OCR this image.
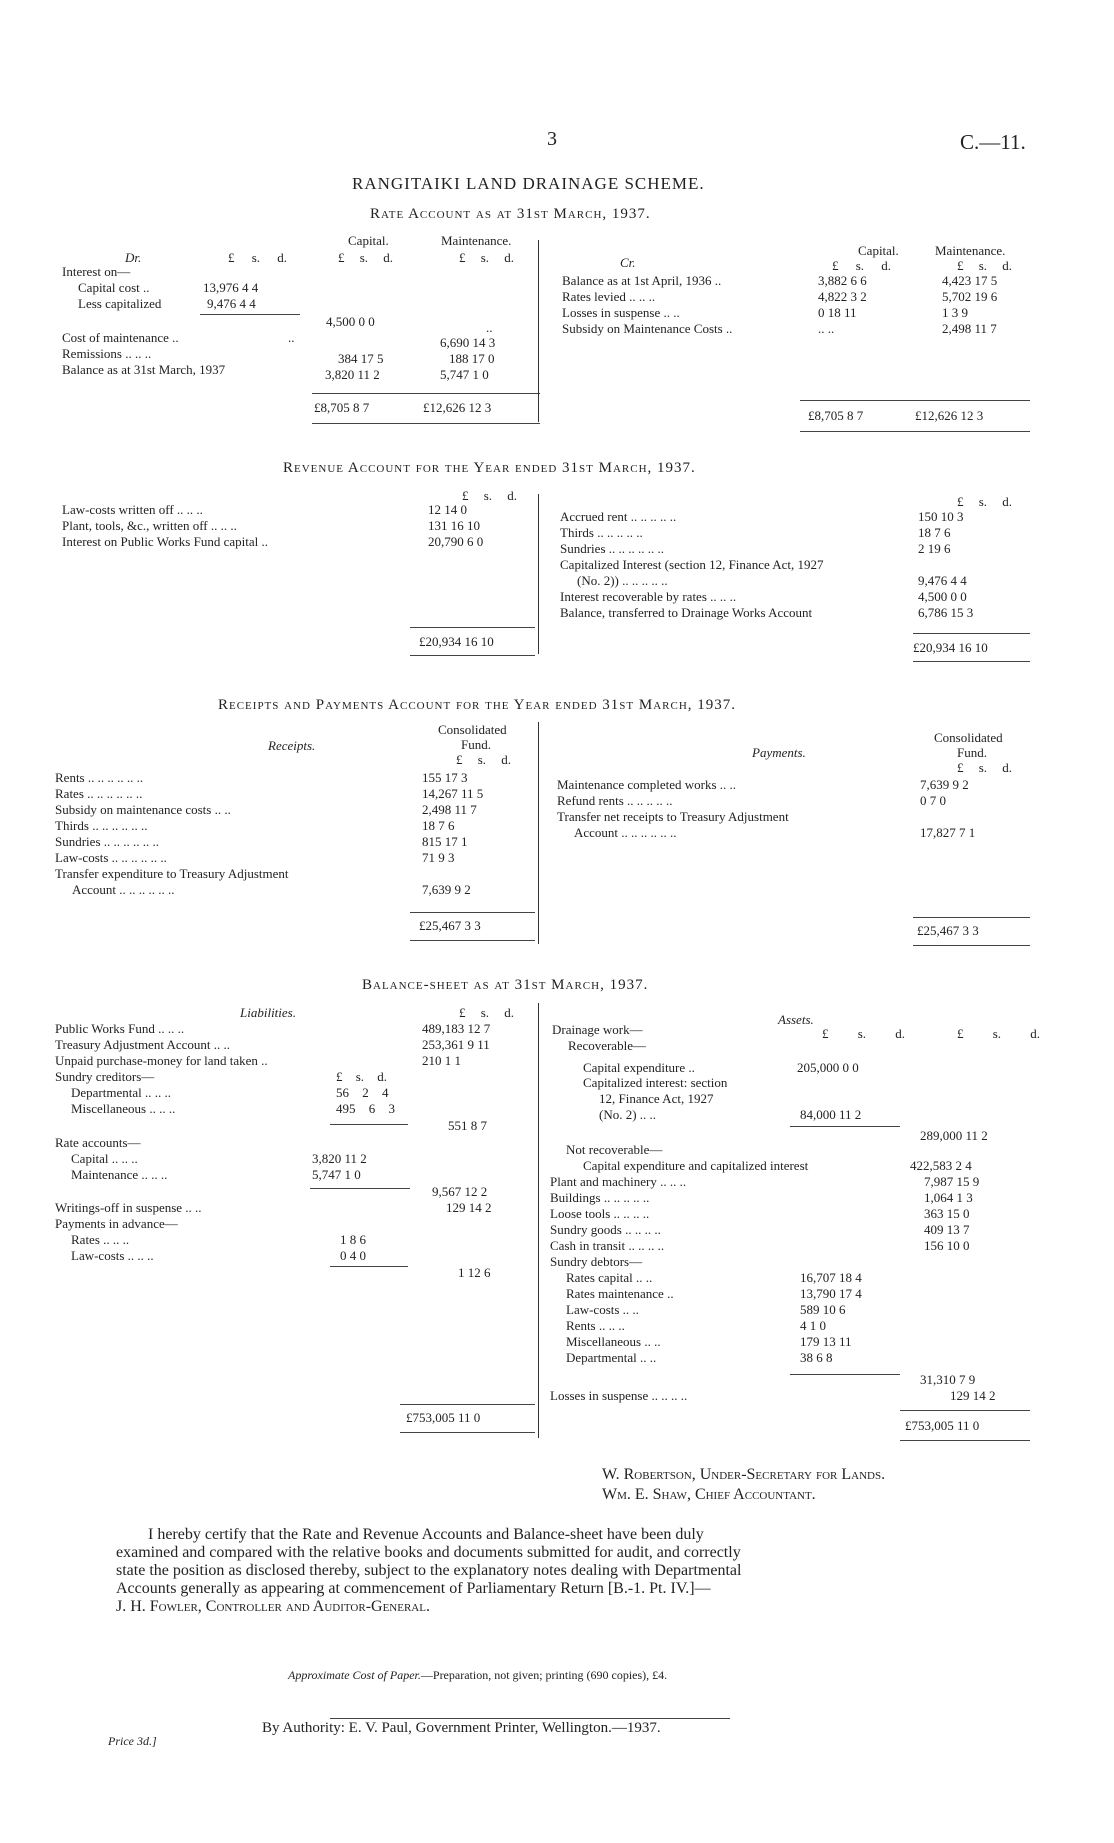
3	C.—11.
RANGITAIKI LAND DRAINAGE SCHEME.
Rate Account as at 31st March, 1937.
Dr.	£ s. d.
Capital.
£ s. d.
Maintenance.
£ s. d.
Interest on—
Capital cost ..	13,976 4 4
Less capitalized	9,476 4 4
4,500 0 0	..
Cost of maintenance ..	..	6,690 14 3
Remissions .. .. ..	384 17 5	188 17 0
Balance as at 31st March, 1937	3,820 11 2	5,747 1 0
£8,705 8 7	£12,626 12 3
Cr.
Capital.
£ s. d.
Maintenance.
£ s. d.
Balance as at 1st April, 1936 ..	3,882 6 6	4,423 17 5
Rates levied .. .. ..	4,822 3 2	5,702 19 6
Losses in suspense .. ..	0 18 11	1 3 9
Subsidy on Maintenance Costs ..	.. ..	2,498 11 7
£8,705 8 7	£12,626 12 3
Revenue Account for the Year ended 31st March, 1937.
£ s. d.
Law-costs written off .. .. ..	12 14 0
Plant, tools, &c., written off .. .. ..	131 16 10
Interest on Public Works Fund capital ..	20,790 6 0
£20,934 16 10
£ s. d.
Accrued rent .. .. .. .. ..	150 10 3
Thirds .. .. .. .. ..	18 7 6
Sundries .. .. .. .. .. ..	2 19 6
Capitalized Interest (section 12, Finance Act, 1927
(No. 2)) .. .. .. .. ..	9,476 4 4
Interest recoverable by rates .. .. ..	4,500 0 0
Balance, transferred to Drainage Works Account	6,786 15 3
£20,934 16 10
Receipts and Payments Account for the Year ended 31st March, 1937.
Receipts.
Consolidated
Fund.
£ s. d.
Rents .. .. .. .. .. ..	155 17 3
Rates .. .. .. .. .. ..	14,267 11 5
Subsidy on maintenance costs .. ..	2,498 11 7
Thirds .. .. .. .. .. ..	18 7 6
Sundries .. .. .. .. .. ..	815 17 1
Law-costs .. .. .. .. .. ..	71 9 3
Transfer expenditure to Treasury Adjustment
Account .. .. .. .. .. ..	7,639 9 2
£25,467 3 3
Payments.
Consolidated
Fund.
£ s. d.
Maintenance completed works .. ..	7,639 9 2
Refund rents .. .. .. .. ..	0 7 0
Transfer net receipts to Treasury Adjustment
Account .. .. .. .. .. ..	17,827 7 1
£25,467 3 3
Balance-sheet as at 31st March, 1937.
Liabilities.	£ s. d.
Public Works Fund .. .. ..	489,183 12 7
Treasury Adjustment Account .. ..	253,361 9 11
Unpaid purchase-money for land taken ..	210 1 1
Sundry creditors—	£ s. d.
Departmental .. .. ..	56 2 4
Miscellaneous .. .. ..	495 6 3
551 8 7
Rate accounts—
Capital .. .. ..	3,820 11 2
Maintenance .. .. ..	5,747 1 0
9,567 12 2
Writings-off in suspense .. ..	129 14 2
Payments in advance—
Rates .. .. ..	1 8 6
Law-costs .. .. ..	0 4 0
1 12 6
£753,005 11 0
Assets.
Drainage work—	£ s. d.	£ s. d.
Recoverable—
Capital expenditure ..	205,000 0 0
Capitalized interest: section
12, Finance Act, 1927
(No. 2) .. ..	84,000 11 2
289,000 11 2
Not recoverable—
Capital expenditure and capitalized interest	422,583 2 4
Plant and machinery .. .. ..	7,987 15 9
Buildings .. .. .. .. ..	1,064 1 3
Loose tools .. .. .. ..	363 15 0
Sundry goods .. .. .. ..	409 13 7
Cash in transit .. .. .. ..	156 10 0
Sundry debtors—
Rates capital .. ..	16,707 18 4
Rates maintenance ..	13,790 17 4
Law-costs .. ..	589 10 6
Rents .. .. ..	4 1 0
Miscellaneous .. ..	179 13 11
Departmental .. ..	38 6 8
31,310 7 9
Losses in suspense .. .. .. ..	129 14 2
£753,005 11 0
W. Robertson, Under-Secretary for Lands.
Wm. E. Shaw, Chief Accountant.
I hereby certify that the Rate and Revenue Accounts and Balance-sheet have been duly
examined and compared with the relative books and documents submitted for audit, and correctly
state the position as disclosed thereby, subject to the explanatory notes dealing with Departmental
Accounts generally as appearing at commencement of Parliamentary Return [B.-1. Pt. IV.]—
J. H. Fowler, Controller and Auditor-General.
Approximate Cost of Paper.—Preparation, not given; printing (690 copies), £4.
By Authority: E. V. Paul, Government Printer, Wellington.—1937.
Price 3d.]
